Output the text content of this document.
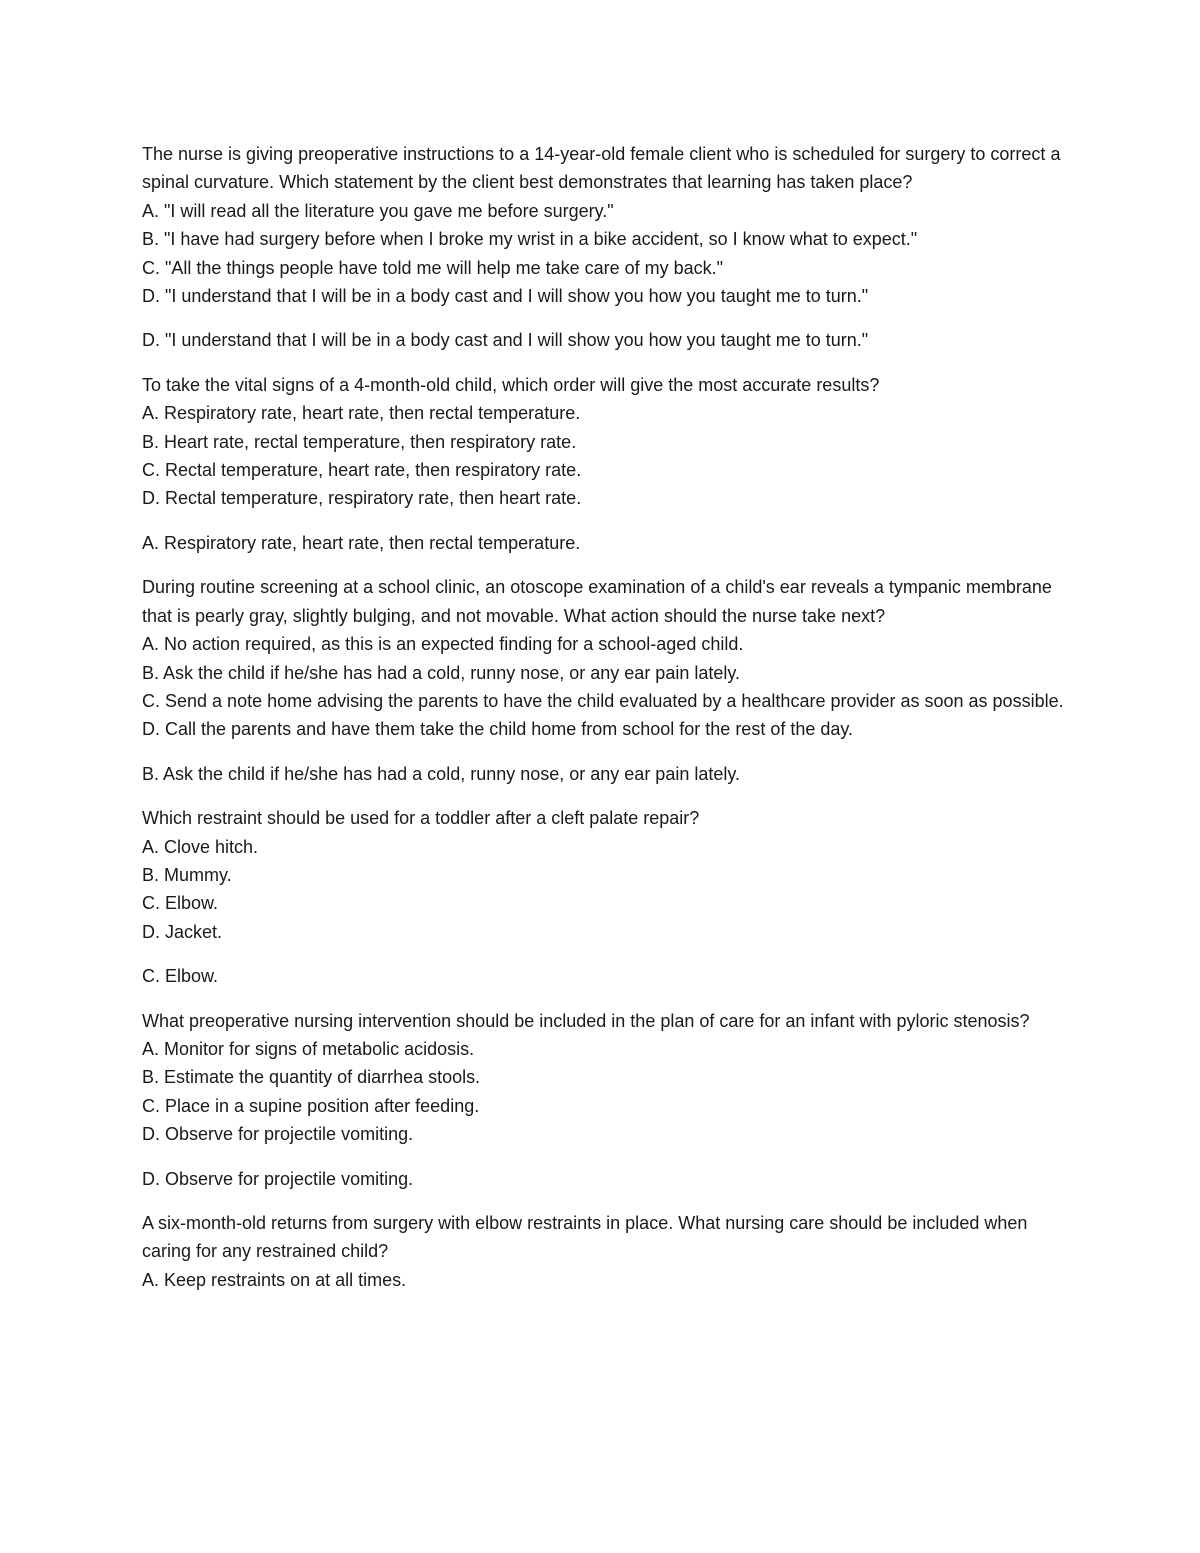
The nurse is giving preoperative instructions to a 14-year-old female client who is scheduled for surgery to correct a spinal curvature. Which statement by the client best demonstrates that learning has taken place?

A. "I will read all the literature you gave me before surgery."

B. "I have had surgery before when I broke my wrist in a bike accident, so I know what to expect."

C. "All the things people have told me will help me take care of my back."

D. "I understand that I will be in a body cast and I will show you how you taught me to turn."

D. "I understand that I will be in a body cast and I will show you how you taught me to turn."

To take the vital signs of a 4-month-old child, which order will give the most accurate results?

A. Respiratory rate, heart rate, then rectal temperature.

B. Heart rate, rectal temperature, then respiratory rate.

C. Rectal temperature, heart rate, then respiratory rate.

D. Rectal temperature, respiratory rate, then heart rate.

A. Respiratory rate, heart rate, then rectal temperature.

During routine screening at a school clinic, an otoscope examination of a child's ear reveals a tympanic membrane that is pearly gray, slightly bulging, and not movable. What action should the nurse take next?

A. No action required, as this is an expected finding for a school-aged child.

B. Ask the child if he/she has had a cold, runny nose, or any ear pain lately.

C. Send a note home advising the parents to have the child evaluated by a healthcare provider as soon as possible.

D. Call the parents and have them take the child home from school for the rest of the day.

B. Ask the child if he/she has had a cold, runny nose, or any ear pain lately.

Which restraint should be used for a toddler after a cleft palate repair?

A. Clove hitch.

B. Mummy.

C. Elbow.

D. Jacket.

C. Elbow.

What preoperative nursing intervention should be included in the plan of care for an infant with pyloric stenosis?

A. Monitor for signs of metabolic acidosis.

B. Estimate the quantity of diarrhea stools.

C. Place in a supine position after feeding.

D. Observe for projectile vomiting.

D. Observe for projectile vomiting.

A six-month-old returns from surgery with elbow restraints in place. What nursing care should be included when caring for any restrained child?

A. Keep restraints on at all times.
